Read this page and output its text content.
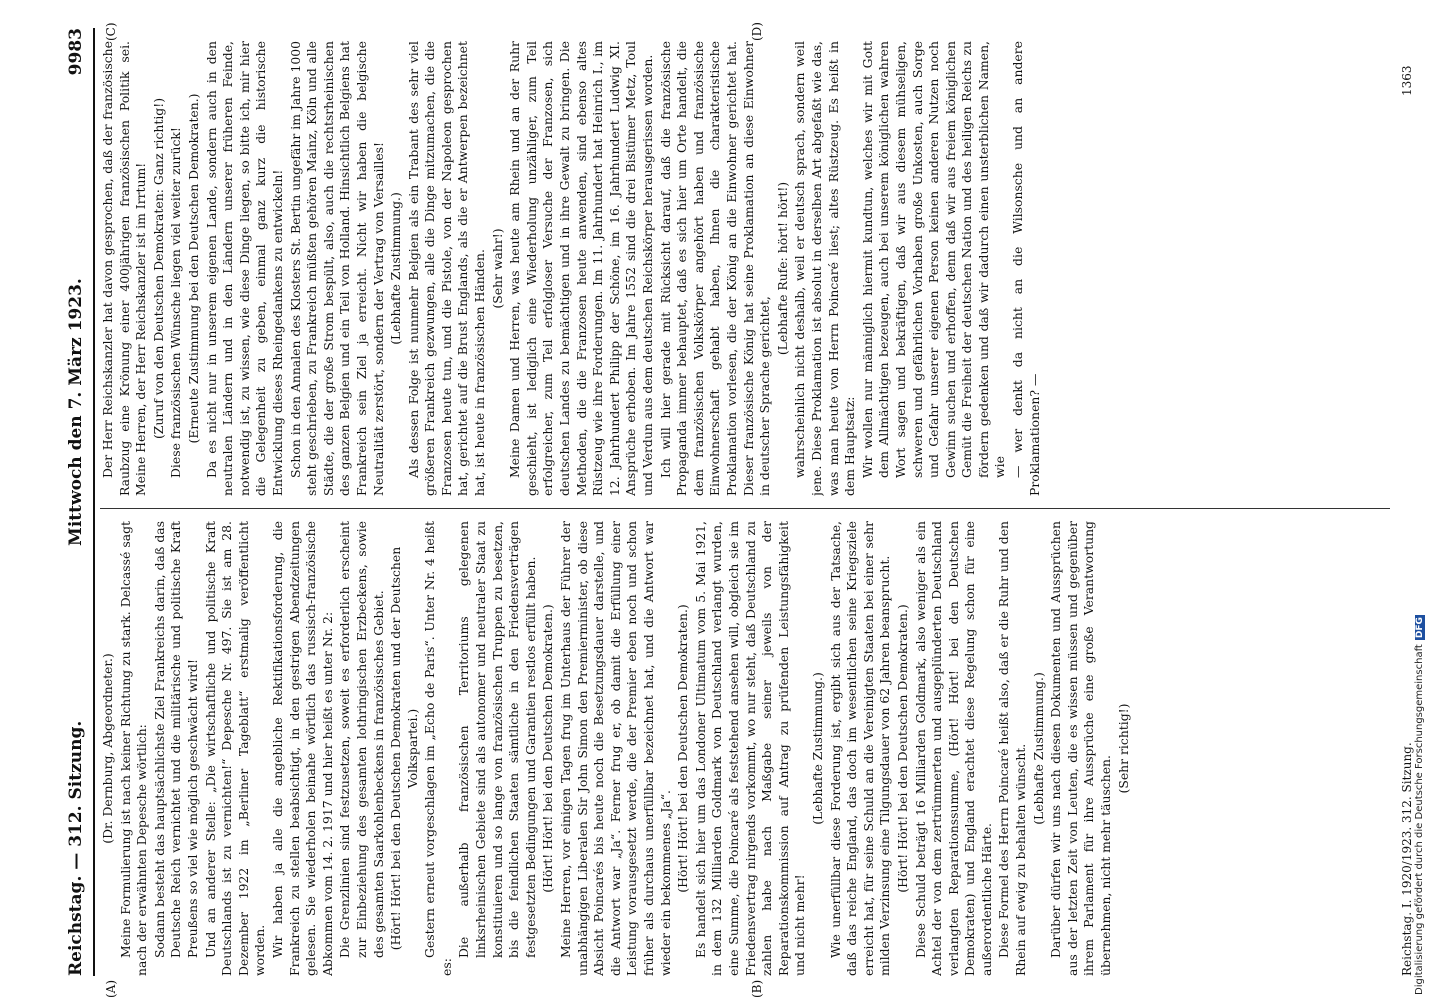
Reichstag. — 312. Sitzung.
Mittwoch den 7. März 1923.
9983
(A)	(B)
(C)	(D)

(Dr. Dernburg, Abgeordneter.) Meine Formulierung ist nach keiner Richtung zu stark. Delcassé sagt nach der erwähnten Depesche wörtlich: Sodann besteht das hauptsächlichste Ziel Frankreichs darin, daß das Deutsche Reich vernichtet und die militärische und politische Kraft Preußens so viel wie möglich geschwächt wird! Und an anderer Stelle: „Die wirtschaftliche und politische Kraft Deutschlands ist zu vernichten!“ Depesche Nr. 497. Sie ist am 28. Dezember 1922 im „Berliner Tageblatt“ erstmalig veröffentlicht worden. Wir haben ja alle die angebliche Rektifikationsforderung, die Frankreich zu stellen beabsichtigt, in den gestrigen Abendzeitungen gelesen. Sie wiederholen beinahe wörtlich das russisch-französische Abkommen vom 14. 2. 1917 und hier heißt es unter Nr. 2: Die Grenzlinien sind festzusetzen, soweit es erforderlich erscheint zur Einbeziehung des gesamten lothringischen Erzbeckens, sowie des gesamten Saarkohlenbeckens in französisches Gebiet. (Hört! Hört! bei den Deutschen Demokraten und der Deutschen Volkspartei.) Gestern erneut vorgeschlagen im „Echo de Paris“. Unter Nr. 4 heißt es:

Die außerhalb französischen Territoriums gelegenen linksrheinischen Gebiete sind als autonomer und neutraler Staat zu konstituieren und so lange von französischen Truppen zu besetzen, bis die feindlichen Staaten sämtliche in den Friedensverträgen festgesetzten Bedingungen und Garantien restlos erfüllt haben. (Hört! Hört! bei den Deutschen Demokraten.) Meine Herren, vor einigen Tagen frug im Unterhaus der Führer der unabhängigen Liberalen Sir John Simon den Premierminister, ob diese Absicht Poincarés bis heute noch die Besetzungsdauer darstelle, und die Antwort war „Ja“. Ferner frug er, ob damit die Erfüllung einer Leistung vorausgesetzt werde, die der Premier eben noch und schon früher als durchaus unerfüllbar bezeichnet hat, und die Antwort war wieder ein bekommenes „Ja“. (Hört! Hört! bei den Deutschen Demokraten.) Es handelt sich hier um das Londoner Ultimatum vom 5. Mai 1921, in dem 132 Milliarden Goldmark von Deutschland verlangt wurden, eine Summe, die Poincaré als feststehend ansehen will, obgleich sie im Friedensvertrag nirgends vorkommt, wo nur steht, daß Deutschland zu zahlen habe nach Maßgabe seiner jeweils von der Reparationskommission auf Antrag zu prüfenden Leistungsfähigkeit und nicht mehr!

(Lebhafte Zustimmung.) Wie unerfüllbar diese Forderung ist, ergibt sich aus der Tatsache, daß das reiche England, das doch im wesentlichen seine Kriegsziele erreicht hat, für seine Schuld an die Vereinigten Staaten bei einer sehr milden Verzinsung eine Tilgungsdauer von 62 Jahren beansprucht. (Hört! Hört! bei den Deutschen Demokraten.) Diese Schuld beträgt 16 Milliarden Goldmark, also weniger als ein Achtel der von dem zertrümmerten und ausgeplünderten Deutschland verlangten Reparationssumme, (Hört! Hört! bei den Deutschen Demokraten) und England erachtet diese Regelung schon für eine außerordentliche Härte. Diese Formel des Herrn Poincaré heißt also, daß er die Ruhr und den Rhein auf ewig zu behalten wünscht. (Lebhafte Zustimmung.) Darüber dürfen wir uns nach diesen Dokumenten und Aussprüchen aus der letzten Zeit von Leuten, die es wissen müssen und gegenüber ihrem Parlament für ihre Aussprüche eine große Verantwortung übernehmen, nicht mehr täuschen.

(Sehr richtig!)

Der Herr Reichskanzler hat davon gesprochen, daß der französische Raubzug eine Krönung einer 400jährigen französischen Politik sei. Meine Herren, der Herr Reichskanzler ist im Irrtum! (Zuruf von den Deutschen Demokraten: Ganz richtig!) Diese französischen Wünsche liegen viel weiter zurück! (Erneute Zustimmung bei den Deutschen Demokraten.) Da es nicht nur in unserem eigenen Lande, sondern auch in den neutralen Ländern und in den Ländern unserer früheren Feinde, notwendig ist, zu wissen, wie diese Dinge liegen, so bitte ich, mir hier die Gelegenheit zu geben, einmal ganz kurz die historische Entwicklung dieses Rheingedankens zu entwickeln! Schon in den Annalen des Klosters St. Bertin ungefähr im Jahre 1000 steht geschrieben, zu Frankreich müßten gehören Mainz, Köln und alle Städte, die der große Strom bespült, also, auch die rechtsrheinischen des ganzen Belgien und ein Teil von Holland. Hinsichtlich Belgiens hat Frankreich sein Ziel ja erreicht. Nicht wir haben die belgische Neutralität zerstört, sondern der Vertrag von Versailles! (Lebhafte Zustimmung.) Als dessen Folge ist nunmehr Belgien als ein Trabant des sehr viel größeren Frankreich gezwungen, alle die Dinge mitzumachen, die die Franzosen heute tun, und die Pistole, von der Napoleon gesprochen hat, gerichtet auf die Brust Englands, als die er Antwerpen bezeichnet hat, ist heute in französischen Händen. (Sehr wahr!) Meine Damen und Herren, was heute am Rhein und an der Ruhr geschieht, ist lediglich eine Wiederholung unzähliger, zum Teil erfolgreicher, zum Teil erfolgloser Versuche der Franzosen, sich deutschen Landes zu bemächtigen und in ihre Gewalt zu bringen. Die Methoden, die die Franzosen heute anwenden, sind ebenso altes Rüstzeug wie ihre Forderungen. Im 11. Jahrhundert hat Heinrich I., im 12. Jahrhundert Philipp der Schöne, im 16. Jahrhundert Ludwig XI. Ansprüche erhoben. Im Jahre 1552 sind die drei Bistümer Metz, Toul und Verdun aus dem deutschen Reichskörper herausgerissen worden. Ich will hier gerade mit Rücksicht darauf, daß die französische Propaganda immer behauptet, daß es sich hier um Orte handelt, die dem französischen Volkskörper angehört haben und französische Einwohnerschaft gehabt haben, Ihnen die charakteristische Proklamation vorlesen, die der König an die Einwohner gerichtet hat. Dieser französische König hat seine Proklamation an diese Einwohner in deutscher Sprache gerichtet,

(Lebhafte Rufe: hört! hört!) wahrscheinlich nicht deshalb, weil er deutsch sprach, sondern weil jene. Diese Proklamation ist absolut in derselben Art abgefaßt wie das, was man heute von Herrn Poincaré liest; altes Rüstzeug. Es heißt in dem Hauptsatz: Wir wollen nur männiglich hiermit kundtun, welches wir mit Gott dem Allmächtigen bezeugen, auch bei unserem königlichen wahren Wort sagen und bekräftigen, daß wir aus diesem mühseligen, schweren und gefährlichen Vorhaben große Unkosten, auch Sorge und Gefahr unserer eigenen Person keinen anderen Nutzen noch Gewinn suchen und erhoffen, denn daß wir aus freiem königlichen Gemüt die Freiheit der deutschen Nation und des heiligen Reichs zu fördern gedenken und daß wir dadurch einen unsterblichen Namen, wie — wer denkt da nicht an die Wilsonsche und an andere Proklamationen? —

Reichstag. I. 1920/1923. 312. Sitzung.
1363
Digitalisierung gefördert durch die Deutsche ForschungsgemeinschaftDFG
